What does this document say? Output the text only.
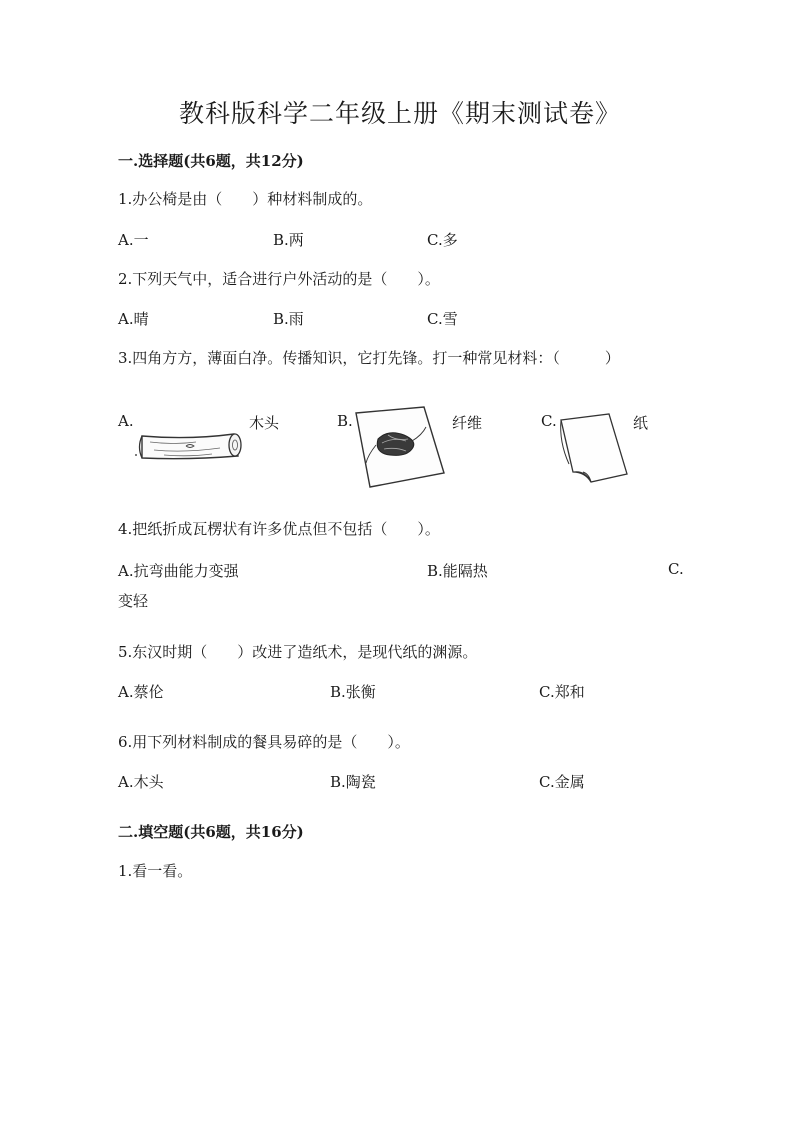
教科版科学二年级上册《期末测试卷》
一.选择题(共6题，共12分)
1.办公椅是由（　　）种材料制成的。
A.一	B.两	C.多
2.下列天气中，适合进行户外活动的是（　　）。
A.晴	B.雨	C.雪
3.四角方方，薄面白净。传播知识，它打先锋。打一种常见材料：（　　　）
A.	木头	B.	纤维	C.	纸
4.把纸折成瓦楞状有许多优点但不包括（　　）。
A.抗弯曲能力变强	B.能隔热	C.
变轻
5.东汉时期（　　）改进了造纸术，是现代纸的渊源。
A.蔡伦	B.张衡	C.郑和
6.用下列材料制成的餐具易碎的是（　　）。
A.木头	B.陶瓷	C.金属
二.填空题(共6题，共16分)
1.看一看。
